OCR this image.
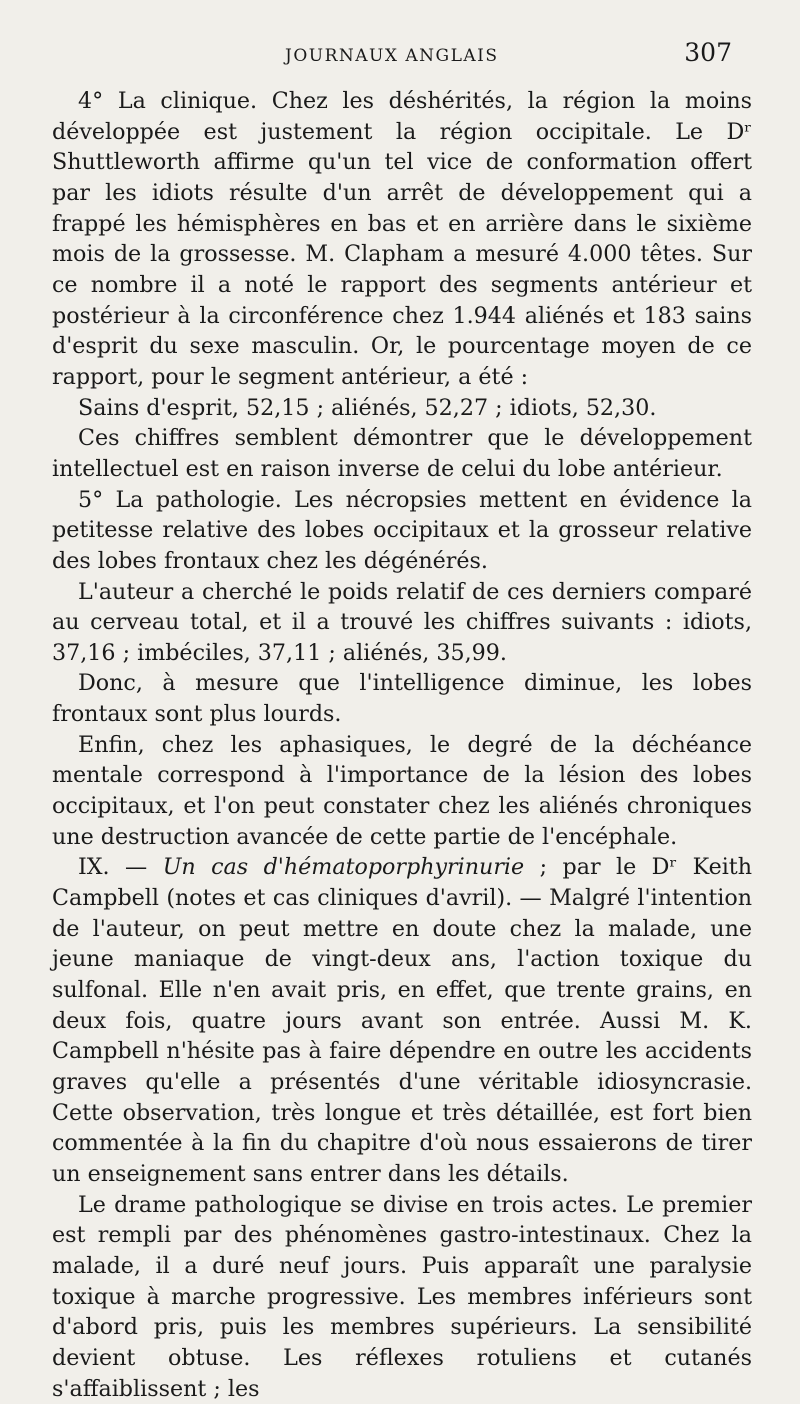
JOURNAUX ANGLAIS	307

4° La clinique. Chez les déshérités, la région la moins développée est justement la région occipitale. Le Dʳ Shuttleworth affirme qu'un tel vice de conformation offert par les idiots résulte d'un arrêt de développement qui a frappé les hémisphères en bas et en arrière dans le sixième mois de la grossesse. M. Clapham a mesuré 4.000 têtes. Sur ce nombre il a noté le rapport des segments antérieur et postérieur à la circonférence chez 1.944 aliénés et 183 sains d'esprit du sexe masculin. Or, le pourcentage moyen de ce rapport, pour le segment antérieur, a été :

Sains d'esprit, 52,15 ; aliénés, 52,27 ; idiots, 52,30.

Ces chiffres semblent démontrer que le développement intellectuel est en raison inverse de celui du lobe antérieur.

5° La pathologie. Les nécropsies mettent en évidence la petitesse relative des lobes occipitaux et la grosseur relative des lobes frontaux chez les dégénérés.

L'auteur a cherché le poids relatif de ces derniers comparé au cerveau total, et il a trouvé les chiffres suivants : idiots, 37,16 ; imbéciles, 37,11 ; aliénés, 35,99.

Donc, à mesure que l'intelligence diminue, les lobes frontaux sont plus lourds.

Enfin, chez les aphasiques, le degré de la déchéance mentale correspond à l'importance de la lésion des lobes occipitaux, et l'on peut constater chez les aliénés chroniques une destruction avancée de cette partie de l'encéphale.

IX. — Un cas d'hématoporphyrinurie ; par le Dʳ Keith Campbell (notes et cas cliniques d'avril). — Malgré l'intention de l'auteur, on peut mettre en doute chez la malade, une jeune maniaque de vingt-deux ans, l'action toxique du sulfonal. Elle n'en avait pris, en effet, que trente grains, en deux fois, quatre jours avant son entrée. Aussi M. K. Campbell n'hésite pas à faire dépendre en outre les accidents graves qu'elle a présentés d'une véritable idiosyncrasie. Cette observation, très longue et très détaillée, est fort bien commentée à la fin du chapitre d'où nous essaierons de tirer un enseignement sans entrer dans les détails.

Le drame pathologique se divise en trois actes. Le premier est rempli par des phénomènes gastro-intestinaux. Chez la malade, il a duré neuf jours. Puis apparaît une paralysie toxique à marche progressive. Les membres inférieurs sont d'abord pris, puis les membres supérieurs. La sensibilité devient obtuse. Les réflexes rotuliens et cutanés s'affaiblissent ; les
